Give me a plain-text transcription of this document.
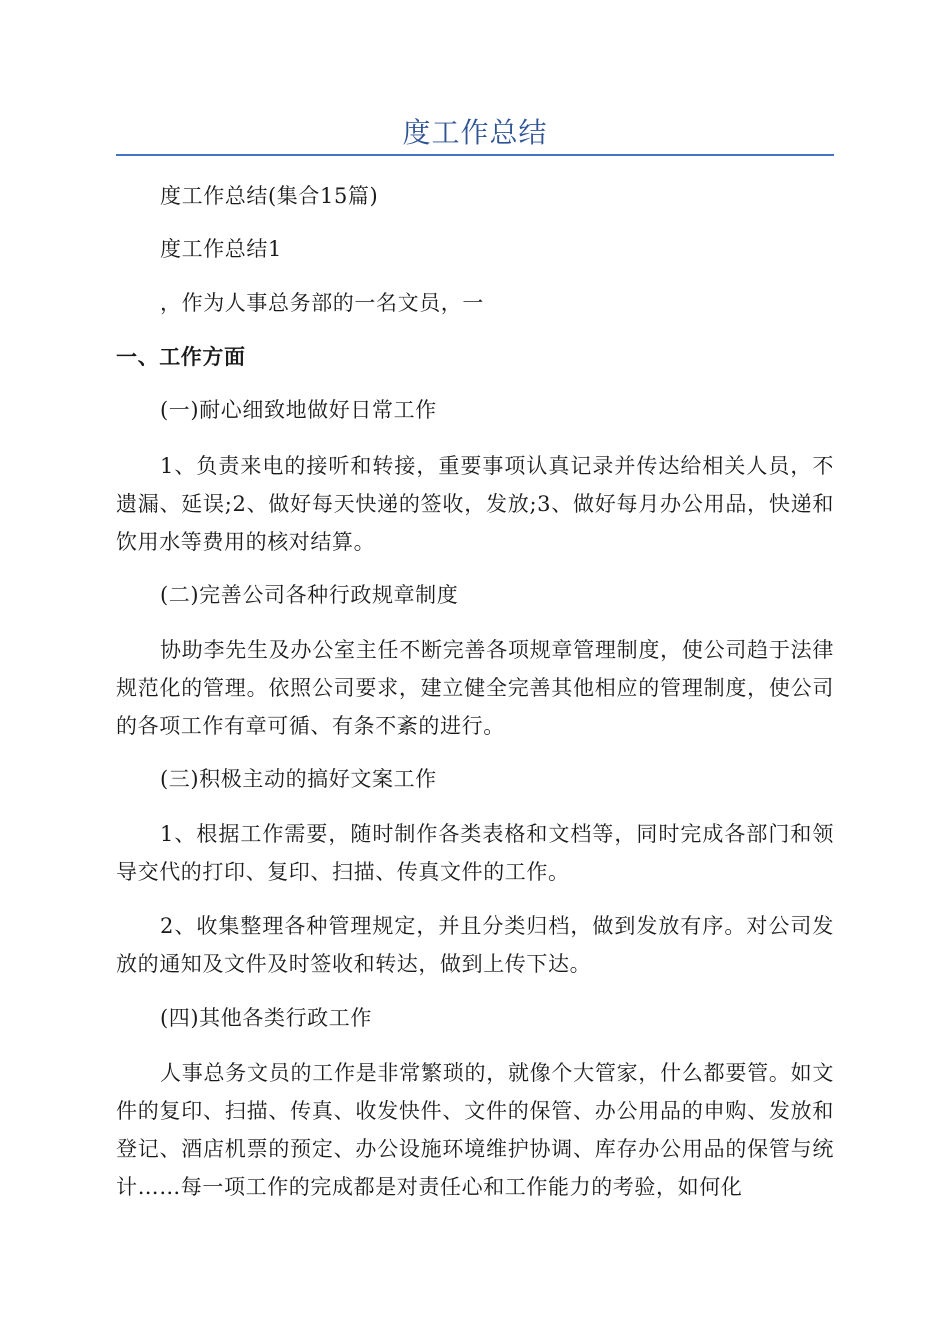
度工作总结

度工作总结(集合15篇)

度工作总结1

，作为人事总务部的一名文员，一

一、工作方面

(一)耐心细致地做好日常工作

1、负责来电的接听和转接，重要事项认真记录并传达给相关人员，不遗漏、延误;2、做好每天快递的签收，发放;3、做好每月办公用品，快递和饮用水等费用的核对结算。

(二)完善公司各种行政规章制度

协助李先生及办公室主任不断完善各项规章管理制度，使公司趋于法律规范化的管理。依照公司要求，建立健全完善其他相应的管理制度，使公司的各项工作有章可循、有条不紊的进行。

(三)积极主动的搞好文案工作

1、根据工作需要，随时制作各类表格和文档等，同时完成各部门和领导交代的打印、复印、扫描、传真文件的工作。

2、收集整理各种管理规定，并且分类归档，做到发放有序。对公司发放的通知及文件及时签收和转达，做到上传下达。

(四)其他各类行政工作

人事总务文员的工作是非常繁琐的，就像个大管家，什么都要管。如文件的复印、扫描、传真、收发快件、文件的保管、办公用品的申购、发放和登记、酒店机票的预定、办公设施环境维护协调、库存办公用品的保管与统计……每一项工作的完成都是对责任心和工作能力的考验，如何化
